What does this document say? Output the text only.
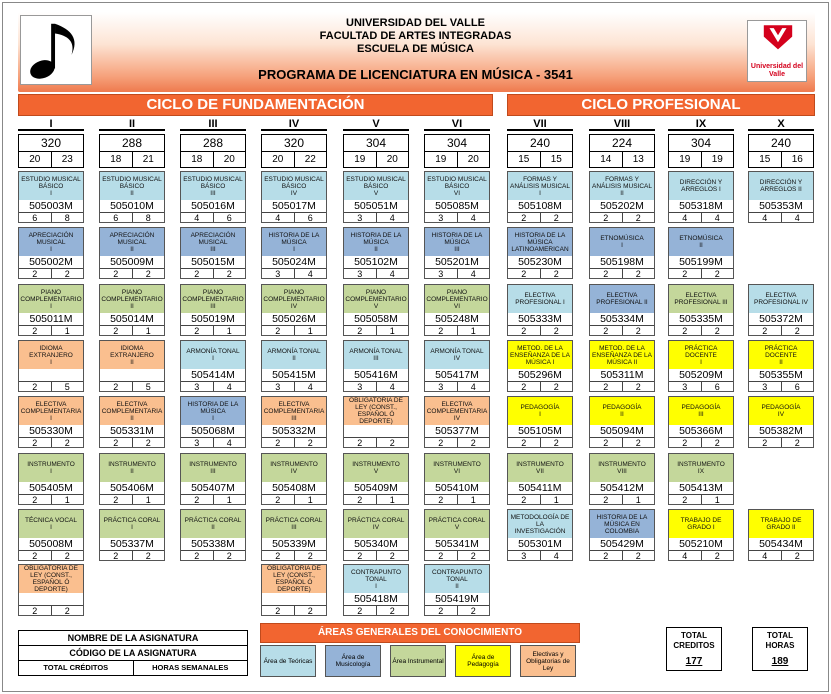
UNIVERSIDAD DEL VALLE
FACULTAD DE ARTES INTEGRADAS
ESCUELA DE MÚSICA
PROGRAMA DE LICENCIATURA EN MÚSICA - 3541
Universidad del Valle
CICLO DE FUNDAMENTACIÓN	CICLO PROFESIONAL
I
320
20	23
II
288
18	21
III
288
18	20
IV
320
20	22
V
304
19	20
VI
304
19	20
VII
240
15	15
VIII
224
14	13
IX
304
19	19
X
240
15	16
ESTUDIO MUSICAL BÁSICO
I
505003M
6	8
ESTUDIO MUSICAL BÁSICO
II
505010M
6	8
ESTUDIO MUSICAL BÁSICO
III
505016M
4	6
ESTUDIO MUSICAL BÁSICO
IV
505017M
4	6
ESTUDIO MUSICAL BÁSICO
V
505051M
3	4
ESTUDIO MUSICAL BÁSICO
VI
505085M
3	4
FORMAS Y ANÁLISIS MUSICAL
I
505108M
2	2
FORMAS Y ANÁLISIS MUSICAL
II
505202M
2	2
DIRECCIÓN Y ARREGLOS I
505318M
4	4
DIRECCIÓN Y ARREGLOS II
505353M
4	4
APRECIACIÓN MUSICAL
I
505002M
2	2
APRECIACIÓN MUSICAL
II
505009M
2	2
APRECIACIÓN MUSICAL
III
505015M
2	2
HISTORIA DE LA MÚSICA
I
505024M
3	4
HISTORIA DE LA MÚSICA
II
505102M
3	4
HISTORIA DE LA MÚSICA
III
505201M
3	4
HISTORIA DE LA MÚSICA LATINOAMERICAN
505230M
2	2
ETNOMÚSICA
I
505198M
2	2
ETNOMÚSICA
II
505199M
2	2
PIANO COMPLEMENTARIO
I
505011M
2	1
PIANO COMPLEMENTARIO
II
505014M
2	1
PIANO COMPLEMENTARIO
III
505019M
2	1
PIANO COMPLEMENTARIO
IV
505026M
2	1
PIANO COMPLEMENTARIO
V
505058M
2	1
PIANO COMPLEMENTARIO
VI
505248M
2	1
ELECTIVA PROFESIONAL I
505333M
2	2
ELECTIVA PROFESIONAL II
505334M
2	2
ELECTIVA PROFESIONAL III
505335M
2	2
ELECTIVA PROFESIONAL IV
505372M
2	2
IDIOMA EXTRANJERO
I
2	5
IDIOMA EXTRANJERO
II
2	5
ARMONÍA TONAL
I
505414M
3	4
ARMONÍA TONAL
II
505415M
3	4
ARMONÍA TONAL
III
505416M
3	4
ARMONÍA TONAL
IV
505417M
3	4
METOD. DE LA ENSEÑANZA DE LA MÚSICA I
505296M
2	2
METOD. DE LA ENSEÑANZA DE LA MÚSICA II
505311M
2	2
PRÁCTICA DOCENTE
I
505209M
3	6
PRÁCTICA DOCENTE
II
505355M
3	6
ELECTIVA COMPLEMENTARIA
I
505330M
2	2
ELECTIVA COMPLEMENTARIA
II
505331M
2	2
HISTORIA DE LA MÚSICA
I
505068M
3	4
ELECTIVA COMPLEMENTARIA
III
505332M
2	2
OBLIGATORIA DE LEY (CONST., ESPAÑOL Ó DEPORTE)
2	2
ELECTIVA COMPLEMENTARIA
IV
505377M
2	2
PEDAGOGÍA
I
505105M
2	2
PEDAGOGÍA
II
505094M
2	2
PEDAGOGÍA
III
505366M
2	2
PEDAGOGÍA
IV
505382M
2	2
INSTRUMENTO
I
505405M
2	1
INSTRUMENTO
II
505406M
2	1
INSTRUMENTO
III
505407M
2	1
INSTRUMENTO
IV
505408M
2	1
INSTRUMENTO
V
505409M
2	1
INSTRUMENTO
VI
505410M
2	1
INSTRUMENTO
VII
505411M
2	1
INSTRUMENTO
VIII
505412M
2	1
INSTRUMENTO
IX
505413M
2	1
TÉCNICA VOCAL
I
505008M
2	2
PRÁCTICA CORAL
I
505337M
2	2
PRÁCTICA CORAL
II
505338M
2	2
PRÁCTICA CORAL
III
505339M
2	2
PRÁCTICA CORAL
IV
505340M
2	2
PRÁCTICA CORAL
V
505341M
2	2
METODOLOGÍA DE LA INVESTIGACIÓN
505301M
3	4
HISTORIA DE LA MÚSICA EN COLOMBIA
505429M
2	2
TRABAJO DE GRADO I
505210M
4	2
TRABAJO DE GRADO II
505434M
4	2
OBLIGATORIA DE LEY (CONST., ESPAÑOL Ó DEPORTE)
2	2
OBLIGATORIA DE LEY (CONST., ESPAÑOL Ó DEPORTE)
2	2
CONTRAPUNTO TONAL
I
505418M
2	2
CONTRAPUNTO TONAL
II
505419M
2	2
NOMBRE DE LA ASIGNATURA
CÓDIGO DE LA ASIGNATURA
TOTAL CRÉDITOS	HORAS SEMANALES
ÁREAS GENERALES DEL CONOCIMIENTO
Área de Teóricas	Área de Musicología	Área Instrumental	Área de Pedagogía
Electivas y Obligatorias de Ley
TOTAL CREDITOS
177
TOTAL HORAS
189
